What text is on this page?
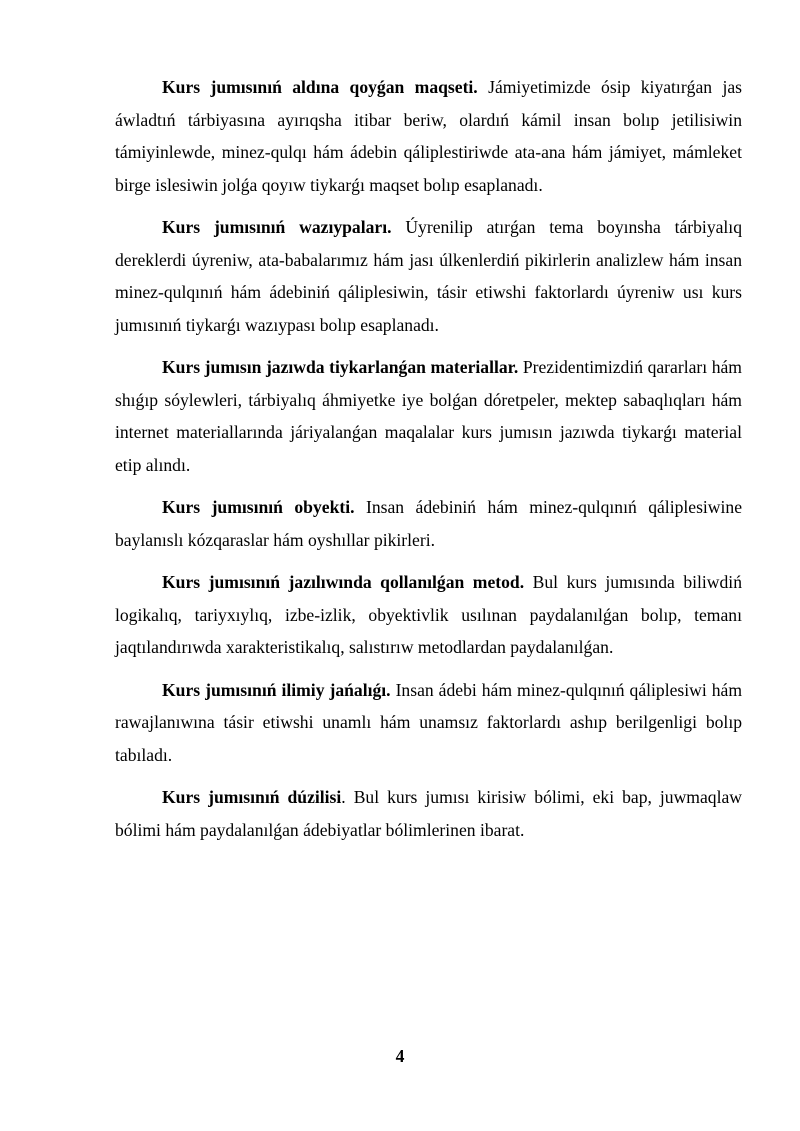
Kurs jumısınıń aldına qoyǵan maqseti. Jámiyetimizde ósip kiyatırǵan jas áwladtıń tárbiyasına ayırıqsha itibar beriw, olardıń kámil insan bolıp jetilisiwin támiyinlewde, minez-qulqı hám ádebin qáliplestiriwde ata-ana hám jámiyet, mámleket birge islesiwin jolǵa qoyıw tiykarǵı maqset bolıp esaplanadı.

Kurs jumısınıń wazıypaları. Úyrenilip atırǵan tema boyınsha tárbiyalıq dereklerdi úyreniw, ata-babalarımız hám jası úlkenlerdiń pikirlerin analizlew hám insan minez-qulqınıń hám ádebiniń qáliplesiwin, tásir etiwshi faktorlardı úyreniw usı kurs jumısınıń tiykarǵı wazıypası bolıp esaplanadı.

Kurs jumısın jazıwda tiykarlanǵan materiallar. Prezidentimizdiń qararları hám shıǵıp sóylewleri, tárbiyalıq áhmiyetke iye bolǵan dóretpeler, mektep sabaqlıqları hám internet materiallarında járiyalanǵan maqalalar kurs jumısın jazıwda tiykarǵı material etip alındı.

Kurs jumısınıń obyekti. Insan ádebiniń hám minez-qulqınıń qáliplesiwine baylanıslı kózqaraslar hám oyshıllar pikirleri.

Kurs jumısınıń jazılıwında qollanılǵan metod. Bul kurs jumısında biliwdiń logikalıq, tariyxıylıq, izbe-izlik, obyektivlik usılınan paydalanılǵan bolıp, temanı jaqtılandırıwda xarakteristikalıq, salıstırıw metodlardan paydalanılǵan.

Kurs jumısınıń ilimiy jańalıǵı. Insan ádebi hám minez-qulqınıń qáliplesiwi hám rawajlanıwına tásir etiwshi unamlı hám unamsız faktorlardı ashıp berilgenligi bolıp tabıladı.

Kurs jumısınıń dúzilisi. Bul kurs jumısı kirisiw bólimi, eki bap, juwmaqlaw bólimi hám paydalanılǵan ádebiyatlar bólimlerinen ibarat.

4
